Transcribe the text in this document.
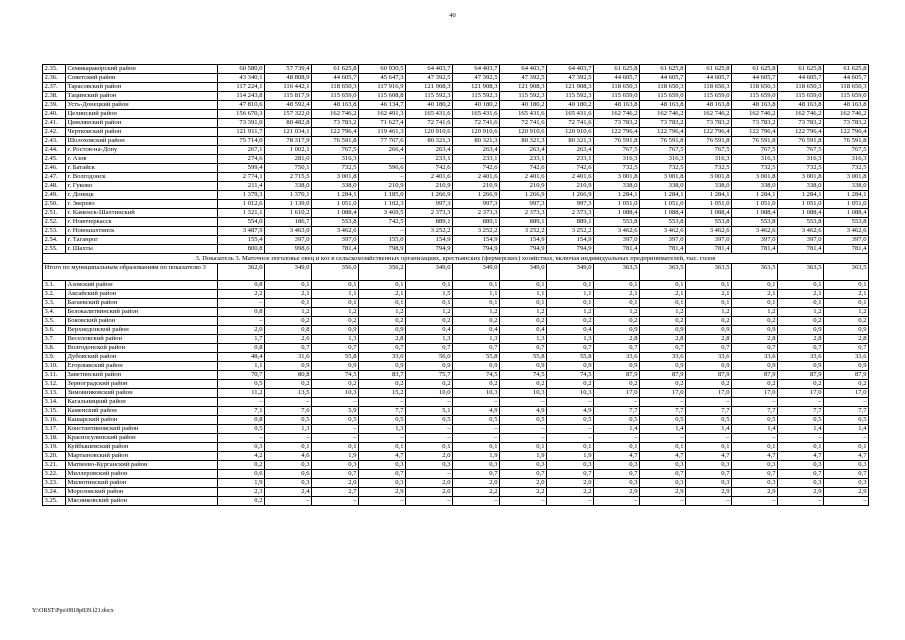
40
2.35.	Семикаракорский район	60 580,0	57 739,4	61 625,8	60 930,5	64 403,7	64 403,7	64 403,7	64 403,7	61 625,8	61 625,8	61 625,8	61 625,8	61 625,8	61 625,8
2.36.	Советский район	43 340,1	48 808,9	44 605,7	45 647,3	47 392,5	47 392,5	47 392,5	47 392,5	44 605,7	44 605,7	44 605,7	44 605,7	44 605,7	44 605,7
2.37.	Тарасовский район	117 224,1	116 442,1	118 650,3	117 916,9	121 908,3	121 908,3	121 908,3	121 908,3	118 650,3	118 650,3	118 650,3	118 650,3	118 650,3	118 650,3
2.38.	Тацинский район	114 243,8	115 817,9	115 659,0	115 608,8	115 592,3	115 592,3	115 592,3	115 592,3	115 659,0	115 659,0	115 659,0	115 659,0	115 659,0	115 659,0
2.39.	Усть-Донецкий район	47 810,6	48 592,4	48 163,8	46 134,7	40 180,2	40 180,2	40 180,2	40 180,2	48 163,8	48 163,8	48 163,8	48 163,8	48 163,8	48 163,8
2.40.	Целинский район	156 670,3	157 322,0	162 746,2	162 491,3	165 431,6	165 431,6	165 431,6	165 431,6	162 746,2	162 746,2	162 746,2	162 746,2	162 746,2	162 746,2
2.41.	Цимлянский район	73 391,0	80 482,8	73 783,2	71 627,4	72 741,6	72 741,6	72 741,6	72 741,6	73 783,2	73 783,2	73 783,2	73 783,2	73 783,2	73 783,2
2.42.	Чертковский район	121 911,7	121 034,1	122 796,4	119 461,3	120 910,6	120 910,6	120 910,6	120 910,6	122 796,4	122 796,4	122 796,4	122 796,4	122 796,4	122 796,4
2.43.	Шолоховский район	75 714,0	78 317,9	76 591,8	77 767,6	80 321,3	80 321,3	80 321,3	80 321,3	76 591,8	76 591,8	76 591,8	76 591,8	76 591,8	76 591,8
2.44.	г. Ростов-на-Дону	267,1	1 002,1	767,5	266,4	263,4	263,4	263,4	263,4	767,5	767,5	767,5	767,5	767,5	767,5
2.45.	г. Азов	274,6	281,0	316,3	–	233,1	233,1	233,1	233,1	316,3	316,3	316,3	316,3	316,3	316,3
2.46.	г. Батайск	599,4	750,1	732,5	596,6	742,6	742,6	742,6	742,6	732,5	732,5	732,5	732,5	732,5	732,5
2.47.	г. Волгодонск	2 774,1	2 715,5	3 001,8	–	2 401,6	2 401,6	2 401,6	2 401,6	3 001,8	3 001,8	3 001,8	3 001,8	3 001,8	3 001,8
2.48.	г. Гуково	211,4	338,0	338,0	210,9	210,9	210,9	210,9	210,9	338,0	338,0	338,0	338,0	338,0	338,0
2.49.	г. Донецк	1 379,3	1 370,1	1 284,1	1 185,0	1 266,9	1 266,9	1 266,9	1 266,9	1 284,1	1 284,1	1 284,1	1 284,1	1 284,1	1 284,1
2.50.	г. Зверево	1 012,6	1 139,0	1 051,0	1 102,3	997,3	997,3	997,3	997,3	1 051,0	1 051,0	1 051,0	1 051,0	1 051,0	1 051,0
2.51.	г. Каменск-Шахтинский	1 321,1	1 610,2	1 088,4	3 469,5	2 373,3	2 373,3	2 373,3	2 373,3	1 088,4	1 088,4	1 088,4	1 088,4	1 088,4	1 088,4
2.52.	г. Новочеркасск	554,0	186,7	553,8	742,5	889,1	889,1	889,1	889,1	553,8	553,8	553,8	553,8	553,8	553,8
2.53.	г. Новошахтинск	3 487,9	3 463,0	3 462,6	–	3 252,2	3 252,2	3 252,2	3 252,2	3 462,6	3 462,6	3 462,6	3 462,6	3 462,6	3 462,6
2.54.	г. Таганрог	155,4	397,0	397,0	155,0	154,9	154,9	154,9	154,9	397,0	397,0	397,0	397,0	397,0	397,0
2.55.	г. Шахты	800,8	998,6	781,4	798,9	794,9	794,9	794,9	794,9	781,4	781,4	781,4	781,4	781,4	781,4
3. Показатель 3. Маточное поголовье овец и коз в сельскохозяйственных организациях, крестьянских (фермерских) хозяйствах, включая индивидуальных предпринимателей, тыс. голов															
Итого по муниципальным образованиям по показателю 3		362,0	349,0	356,0	356,2	349,0	349,0	349,0	349,0	363,5	363,5	363,5	363,5	363,5	363,5
3.1.	Азовский район	0,8	0,1	0,1	0,1	0,1	0,1	0,1	0,1	0,1	0,1	0,1	0,1	0,1	0,1
3.2.	Аксайский район	2,2	2,1	1,1	2,1	1,5	1,1	1,1	1,1	2,1	2,1	2,1	2,1	2,1	2,1
3.3.	Багаевский район	–	0,1	0,1	0,1	0,1	0,1	0,1	0,1	0,1	0,1	0,1	0,1	0,1	0,1
3.4.	Белокалитвинский район	0,8	1,2	1,2	1,2	1,2	1,2	1,2	1,2	1,2	1,2	1,2	1,2	1,2	1,2
3.5.	Боковский район	–	0,2	0,2	0,2	0,2	0,2	0,2	0,2	0,2	0,2	0,2	0,2	0,2	0,2
3.6.	Верхнедонской район	2,0	0,8	0,9	0,9	0,4	0,4	0,4	0,4	0,9	0,9	0,9	0,9	0,9	0,9
3.7.	Веселовский район	1,7	2,6	1,3	2,8	1,3	1,3	1,3	1,3	2,8	2,8	2,8	2,8	2,8	2,8
3.8.	Волгодонской район	0,8	0,7	0,7	0,7	0,7	0,7	0,7	0,7	0,7	0,7	0,7	0,7	0,7	0,7
3.9.	Дубовский район	48,4	31,6	55,8	33,0	56,0	55,8	55,8	55,8	33,6	33,6	33,6	33,6	33,6	33,6
3.10.	Егорлыкский район	1,1	0,9	0,9	0,9	0,9	0,9	0,9	0,9	0,9	0,9	0,9	0,9	0,9	0,9
3.11.	Заветинский район	70,7	80,8	74,5	83,7	75,7	74,5	74,5	74,5	87,9	87,9	87,9	87,9	87,9	87,9
3.12.	Зерноградский район	0,5	0,2	0,2	0,2	0,2	0,2	0,2	0,2	0,2	0,2	0,2	0,2	0,2	0,2
3.13.	Зимовниковский район	11,2	13,5	10,3	15,2	10,0	10,3	10,3	10,3	17,0	17,0	17,0	17,0	17,0	17,0
3.14.	Кагальницкий район	–	–	–	–	–	–	–	–	–	–	–	–	–	–
3.15.	Каменский район	7,1	7,6	5,9	7,7	5,1	4,9	4,9	4,9	7,7	7,7	7,7	7,7	7,7	7,7
3.16.	Кашарский район	0,8	0,5	0,5	0,5	0,5	0,5	0,5	0,5	0,5	0,5	0,5	0,5	0,5	0,5
3.17.	Константиновский район	0,5	1,3	–	1,3	–	–	–	–	1,4	1,4	1,4	1,4	1,4	1,4
3.18.	Красносулинский район	–	–	–	–	–	–	–	–	–	–	–	–	–	–
3.19.	Куйбышевский район	0,3	0,1	0,1	0,1	0,1	0,1	0,1	0,1	0,1	0,1	0,1	0,1	0,1	0,1
3.20.	Мартыновский район	4,2	4,6	1,9	4,7	2,0	1,9	1,9	1,9	4,7	4,7	4,7	4,7	4,7	4,7
3.21.	Матвеево-Курганский район	0,2	0,3	0,3	0,3	0,3	0,3	0,3	0,3	0,3	0,3	0,3	0,3	0,3	0,3
3.22.	Миллеровский район	0,6	0,6	0,7	0,7	–	0,7	0,7	0,7	0,7	0,7	0,7	0,7	0,7	0,7
3.23.	Милютинский район	1,9	0,3	2,0	0,3	2,0	2,0	2,0	2,0	0,3	0,3	0,3	0,3	0,3	0,3
3.24.	Морозовский район	2,3	2,4	2,7	2,9	2,0	2,2	2,2	2,2	2,9	2,9	2,9	2,9	2,9	2,9
3.25.	Мясниковский район	0,2	–	–	–	–	–	–	–	–	–	–	–	–	–
Y:\ORST\Ppo\0818p839.f21.docx
